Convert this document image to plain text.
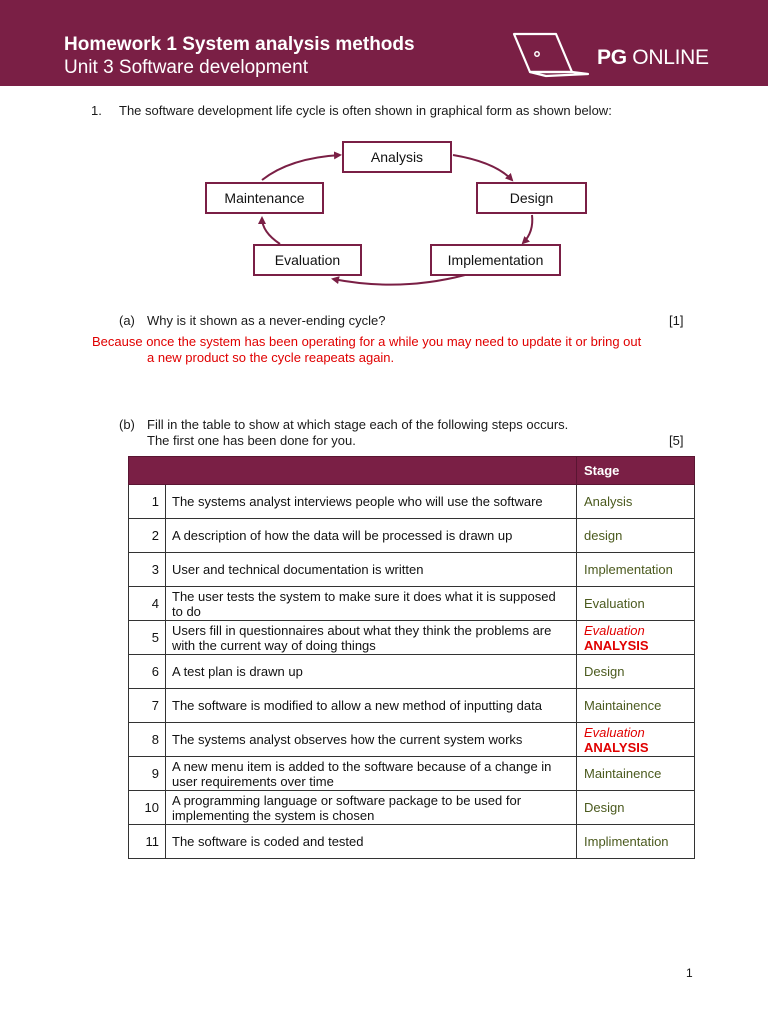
Homework 1 System analysis methods
Unit 3 Software development	PG ONLINE
1. The software development life cycle is often shown in graphical form as shown below:
Analysis
Design
Implementation
Evaluation
Maintenance
(a) Why is it shown as a never-ending cycle?	[1]
Because once the system has been operating for a while you may need to update it or bring out
a new product so the cycle reapeats again.
(b) Fill in the table to show at which stage each of the following steps occurs.
The first one has been done for you.	[5]
		Stage
1	The systems analyst interviews people who will use the software	Analysis
2	A description of how the data will be processed is drawn up	design
3	User and technical documentation is written	Implementation
4	The user tests the system to make sure it does what it is supposed to do	Evaluation
5	Users fill in questionnaires about what they think the problems are with the current way of doing things	Evaluation
ANALYSIS

6	A test plan is drawn up	Design
7	The software is modified to allow a new method of inputting data	Maintainence
8	The systems analyst observes how the current system works	Evaluation
ANALYSIS

9	A new menu item is added to the software because of a change in user requirements over time	Maintainence
10	A programming language or software package to be used for implementing the system is chosen	Design
11	The software is coded and tested	Implimentation
1
